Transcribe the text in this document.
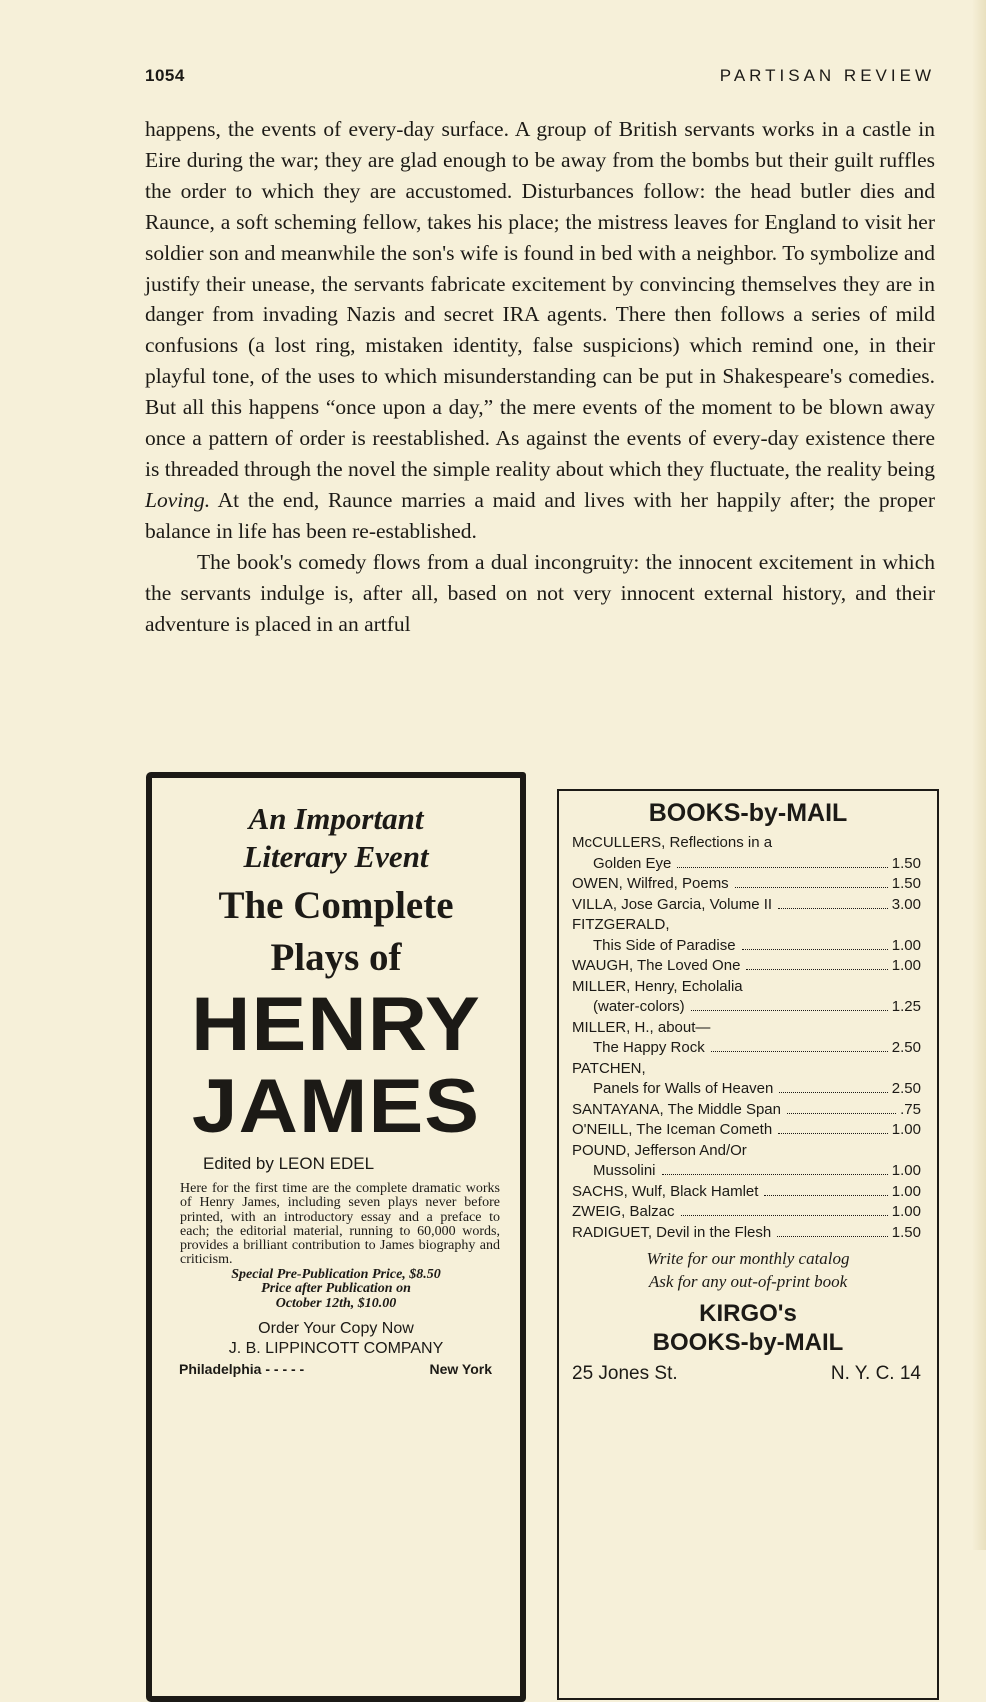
1054	PARTISAN REVIEW

happens, the events of every-day surface. A group of British servants works in a castle in Eire during the war; they are glad enough to be away from the bombs but their guilt ruffles the order to which they are accustomed. Disturbances follow: the head butler dies and Raunce, a soft scheming fellow, takes his place; the mistress leaves for England to visit her soldier son and meanwhile the son's wife is found in bed with a neighbor. To symbolize and justify their unease, the servants fabricate excitement by convincing themselves they are in danger from invading Nazis and secret IRA agents. There then follows a series of mild confusions (a lost ring, mistaken identity, false suspicions) which remind one, in their playful tone, of the uses to which misunderstanding can be put in Shakespeare's comedies. But all this happens “once upon a day,” the mere events of the moment to be blown away once a pattern of order is reestablished. As against the events of every-day existence there is threaded through the novel the simple reality about which they fluctuate, the reality being Loving. At the end, Raunce marries a maid and lives with her happily after; the proper balance in life has been re-established.

The book's comedy flows from a dual incongruity: the innocent excitement in which the servants indulge is, after all, based on not very innocent external history, and their adventure is placed in an artful

An Important
Literary Event
The Complete
Plays of
HENRY
JAMES
Edited by LEON EDEL
Here for the first time are the complete dramatic works of Henry James, including seven plays never before printed, with an introductory essay and a preface to each; the editorial material, running to 60,000 words, provides a brilliant contribution to James biography and criticism.
Special Pre-Publication Price, $8.50
Price after Publication on
October 12th, $10.00
Order Your Copy Now
J. B. LIPPINCOTT COMPANY
Philadelphia - - - - -	New York
BOOKS-by-MAIL
McCULLERS, Reflections in a
Golden Eye	1.50
OWEN, Wilfred, Poems	1.50
VILLA, Jose Garcia, Volume II	3.00
FITZGERALD,
This Side of Paradise	1.00
WAUGH, The Loved One	1.00
MILLER, Henry, Echolalia
(water-colors)	1.25
MILLER, H., about—
The Happy Rock	2.50
PATCHEN,
Panels for Walls of Heaven	2.50
SANTAYANA, The Middle Span	.75
O'NEILL, The Iceman Cometh	1.00
POUND, Jefferson And/Or
Mussolini	1.00
SACHS, Wulf, Black Hamlet	1.00
ZWEIG, Balzac	1.00
RADIGUET, Devil in the Flesh	1.50
Write for our monthly catalog
Ask for any out-of-print book
KIRGO's
BOOKS-by-MAIL
25 Jones St.	N. Y. C. 14
